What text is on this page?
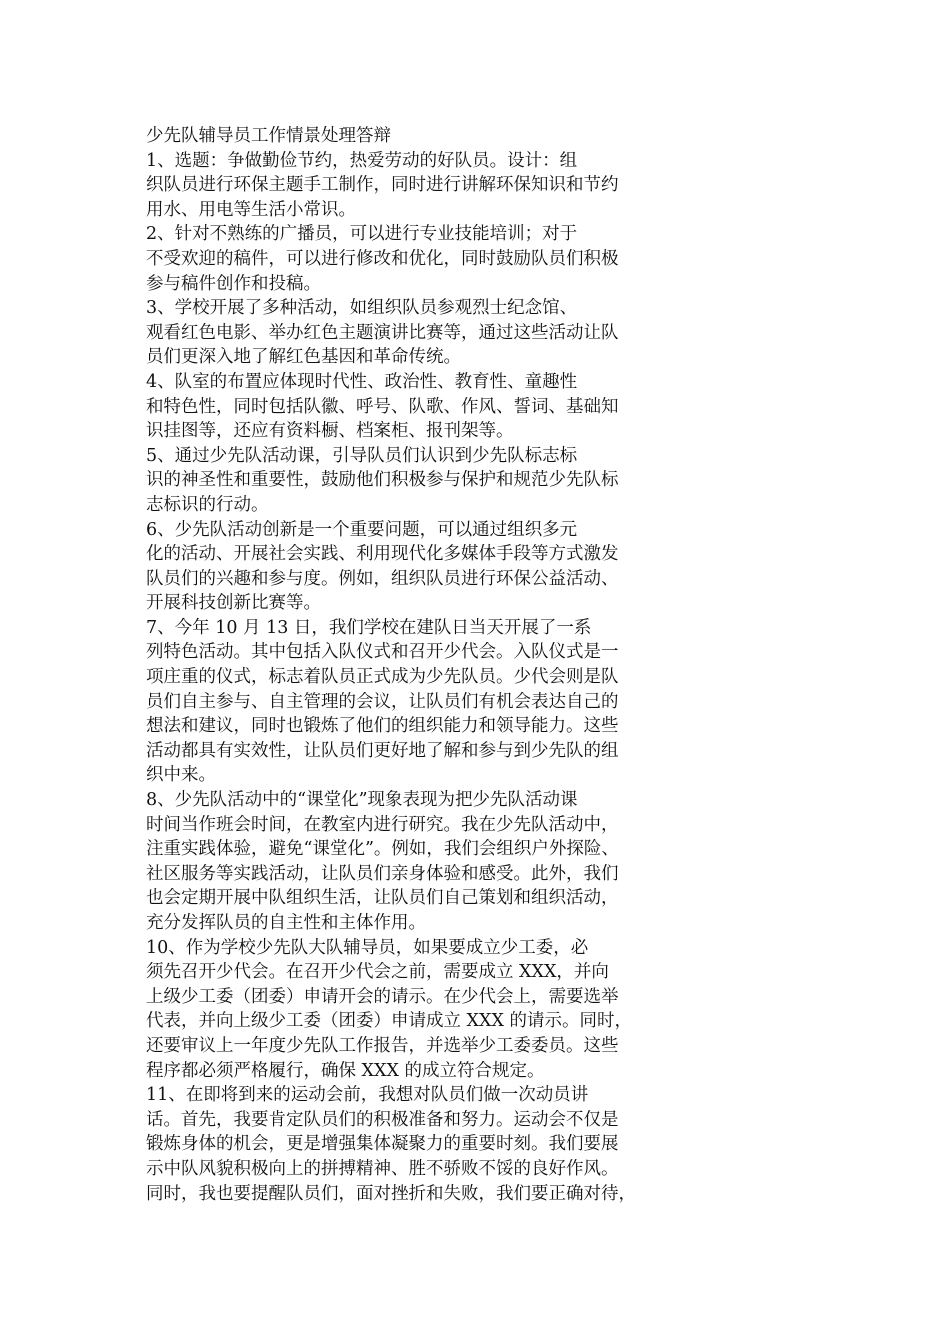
少先队辅导员工作情景处理答辩
1、选题：争做勤俭节约，热爱劳动的好队员。设计：组
织队员进行环保主题手工制作，同时进行讲解环保知识和节约
用水、用电等生活小常识。
2、针对不熟练的广播员，可以进行专业技能培训；对于
不受欢迎的稿件，可以进行修改和优化，同时鼓励队员们积极
参与稿件创作和投稿。
3、学校开展了多种活动，如组织队员参观烈士纪念馆、
观看红色电影、举办红色主题演讲比赛等，通过这些活动让队
员们更深入地了解红色基因和革命传统。
4、队室的布置应体现时代性、政治性、教育性、童趣性
和特色性，同时包括队徽、呼号、队歌、作风、誓词、基础知
识挂图等，还应有资料橱、档案柜、报刊架等。
5、通过少先队活动课，引导队员们认识到少先队标志标
识的神圣性和重要性，鼓励他们积极参与保护和规范少先队标
志标识的行动。
6、少先队活动创新是一个重要问题，可以通过组织多元
化的活动、开展社会实践、利用现代化多媒体手段等方式激发
队员们的兴趣和参与度。例如，组织队员进行环保公益活动、
开展科技创新比赛等。
7、今年 10 月 13 日，我们学校在建队日当天开展了一系
列特色活动。其中包括入队仪式和召开少代会。入队仪式是一
项庄重的仪式，标志着队员正式成为少先队员。少代会则是队
员们自主参与、自主管理的会议，让队员们有机会表达自己的
想法和建议，同时也锻炼了他们的组织能力和领导能力。这些
活动都具有实效性，让队员们更好地了解和参与到少先队的组
织中来。
8、少先队活动中的“课堂化”现象表现为把少先队活动课
时间当作班会时间，在教室内进行研究。我在少先队活动中，
注重实践体验，避免“课堂化”。例如，我们会组织户外探险、
社区服务等实践活动，让队员们亲身体验和感受。此外，我们
也会定期开展中队组织生活，让队员们自己策划和组织活动，
充分发挥队员的自主性和主体作用。
10、作为学校少先队大队辅导员，如果要成立少工委，必
须先召开少代会。在召开少代会之前，需要成立 XXX，并向
上级少工委（团委）申请开会的请示。在少代会上，需要选举
代表，并向上级少工委（团委）申请成立 XXX 的请示。同时，
还要审议上一年度少先队工作报告，并选举少工委委员。这些
程序都必须严格履行，确保 XXX 的成立符合规定。
11、在即将到来的运动会前，我想对队员们做一次动员讲
话。首先，我要肯定队员们的积极准备和努力。运动会不仅是
锻炼身体的机会，更是增强集体凝聚力的重要时刻。我们要展
示中队风貌积极向上的拼搏精神、胜不骄败不馁的良好作风。
同时，我也要提醒队员们，面对挫折和失败，我们要正确对待，
